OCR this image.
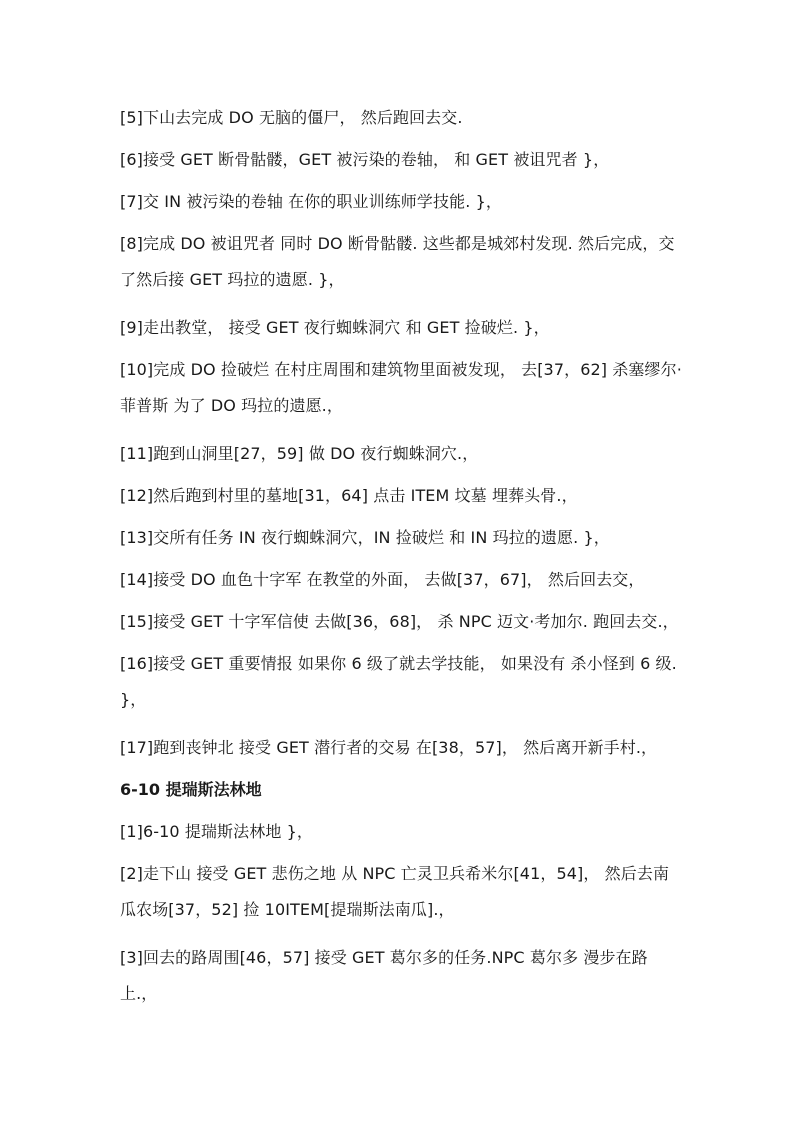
[5]下山去完成 DO 无脑的僵尸， 然后跑回去交.

[6]接受 GET 断骨骷髅，GET 被污染的卷轴， 和 GET 被诅咒者 }，

[7]交 IN 被污染的卷轴 在你的职业训练师学技能. }，

[8]完成 DO 被诅咒者 同时 DO 断骨骷髅. 这些都是城郊村发现. 然后完成，交了然后接 GET 玛拉的遗愿. }，

[9]走出教堂， 接受 GET 夜行蜘蛛洞穴 和 GET 捡破烂. }，

[10]完成 DO 捡破烂 在村庄周围和建筑物里面被发现， 去[37，62] 杀塞缪尔·菲普斯 为了 DO 玛拉的遗愿.，

[11]跑到山洞里[27，59] 做 DO 夜行蜘蛛洞穴.，

[12]然后跑到村里的墓地[31，64] 点击 ITEM 坟墓 埋葬头骨.，

[13]交所有任务 IN 夜行蜘蛛洞穴，IN 捡破烂 和 IN 玛拉的遗愿. }，

[14]接受 DO 血色十字军 在教堂的外面， 去做[37，67]， 然后回去交，

[15]接受 GET 十字军信使 去做[36，68]， 杀 NPC 迈文·考加尔. 跑回去交.，

[16]接受 GET 重要情报 如果你 6 级了就去学技能， 如果没有 杀小怪到 6 级. }，

[17]跑到丧钟北 接受 GET 潜行者的交易 在[38，57]， 然后离开新手村.，

6-10 提瑞斯法林地

[1]6-10 提瑞斯法林地 }，

[2]走下山 接受 GET 悲伤之地 从 NPC 亡灵卫兵希米尔[41，54]， 然后去南瓜农场[37，52] 捡 10ITEM[提瑞斯法南瓜].，

[3]回去的路周围[46，57] 接受 GET 葛尔多的任务.NPC 葛尔多 漫步在路上.，
